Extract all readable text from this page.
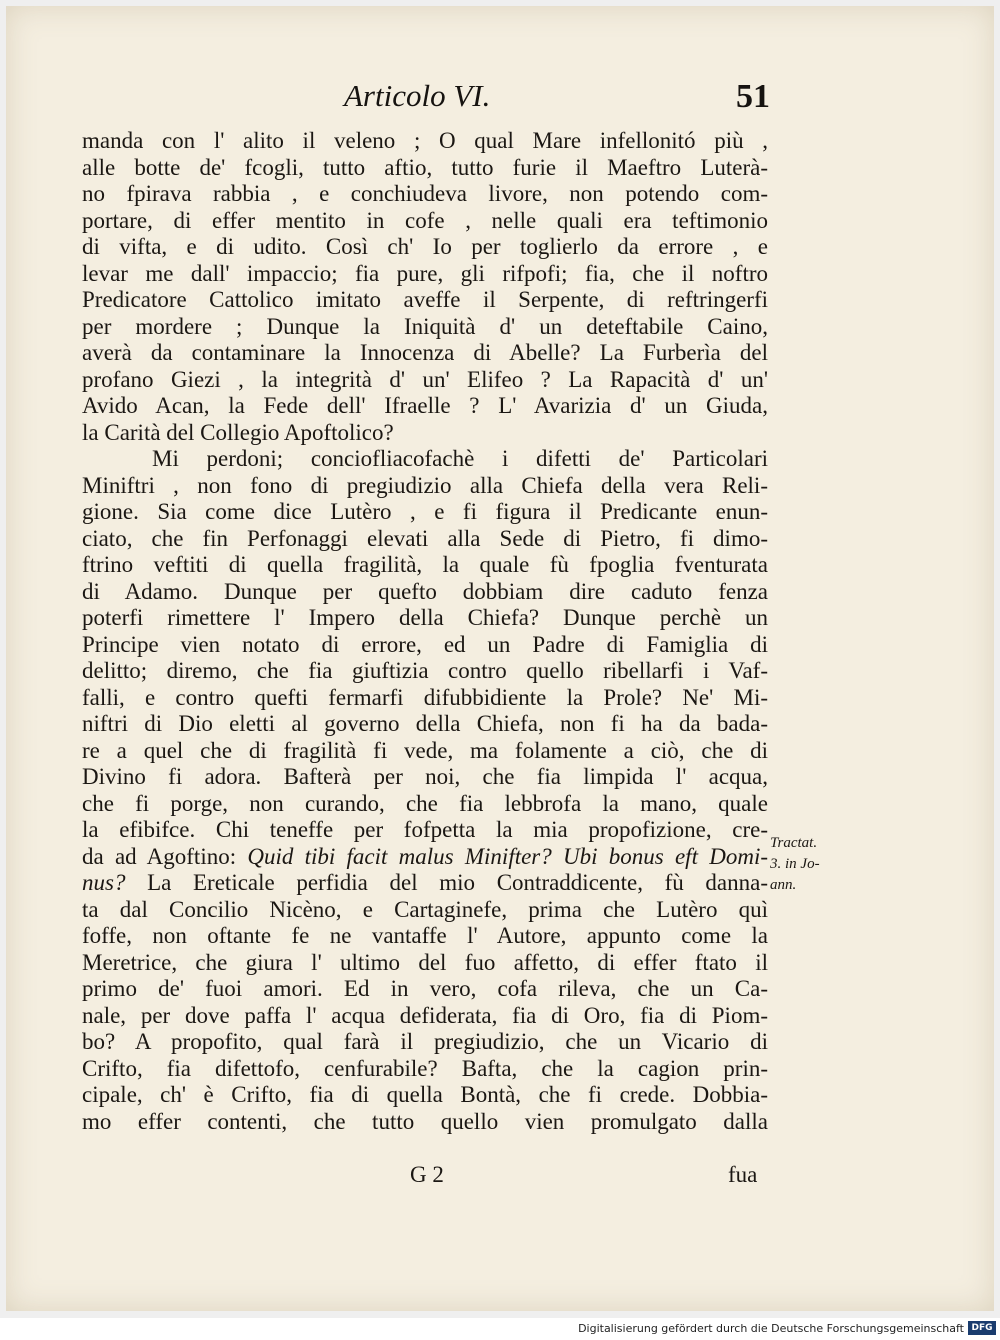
Articolo VI.	51
manda con l' alito il veleno ; O qual Mare infellonitó più ,
alle botte de' fcogli, tutto aftio, tutto furie il Maeftro Luterà-
no fpirava rabbia , e conchiudeva livore, non potendo com-
portare, di effer mentito in cofe , nelle quali era teftimonio
di vifta, e di udito. Così ch' Io per toglierlo da errore , e
levar me dall' impaccio; fia pure, gli rifpofi; fia, che il noftro
Predicatore Cattolico imitato aveffe il Serpente, di reftringerfi
per mordere ; Dunque la Iniquità d' un deteftabile Caino,
averà da contaminare la Innocenza di Abelle? La Furberìa del
profano Giezi , la integrità d' un' Elifeo ? La Rapacità d' un'
Avido Acan, la Fede dell' Ifraelle ? L' Avarizia d' un Giuda,
la Carità del Collegio Apoftolico?
Mi perdoni; conciofliacofachè i difetti de' Particolari
Miniftri , non fono di pregiudizio alla Chiefa della vera Reli-
gione. Sia come dice Lutèro , e fi figura il Predicante enun-
ciato, che fin Perfonaggi elevati alla Sede di Pietro, fi dimo-
ftrino veftiti di quella fragilità, la quale fù fpoglia fventurata
di Adamo. Dunque per quefto dobbiam dire caduto fenza
poterfi rimettere l' Impero della Chiefa? Dunque perchè un
Principe vien notato di errore, ed un Padre di Famiglia di
delitto; diremo, che fia giuftizia contro quello ribellarfi i Vaf-
falli, e contro quefti fermarfi difubbidiente la Prole? Ne' Mi-
niftri di Dio eletti al governo della Chiefa, non fi ha da bada-
re a quel che di fragilità fi vede, ma folamente a ciò, che di
Divino fi adora. Bafterà per noi, che fia limpida l' acqua,
che fi porge, non curando, che fia lebbrofa la mano, quale
la efibifce. Chi teneffe per fofpetta la mia propofizione, cre-
da ad Agoftino: Quid tibi facit malus Minifter? Ubi bonus eft Domi-
nus? La Ereticale perfidia del mio Contraddicente, fù danna-
ta dal Concilio Nicèno, e Cartaginefe, prima che Lutèro quì
foffe, non oftante fe ne vantaffe l' Autore, appunto come la
Meretrice, che giura l' ultimo del fuo affetto, di effer ftato il
primo de' fuoi amori. Ed in vero, cofa rileva, che un Ca-
nale, per dove paffa l' acqua defiderata, fia di Oro, fia di Piom-
bo? A propofito, qual farà il pregiudizio, che un Vicario di
Crifto, fia difettofo, cenfurabile? Bafta, che la cagion prin-
cipale, ch' è Crifto, fia di quella Bontà, che fi crede. Dobbia-
mo effer contenti, che tutto quello vien promulgato dalla
Tractat.
3. in Jo-
ann.
G 2	fua
Digitalisierung gefördert durch die Deutsche Forschungsgemeinschaft DFG
